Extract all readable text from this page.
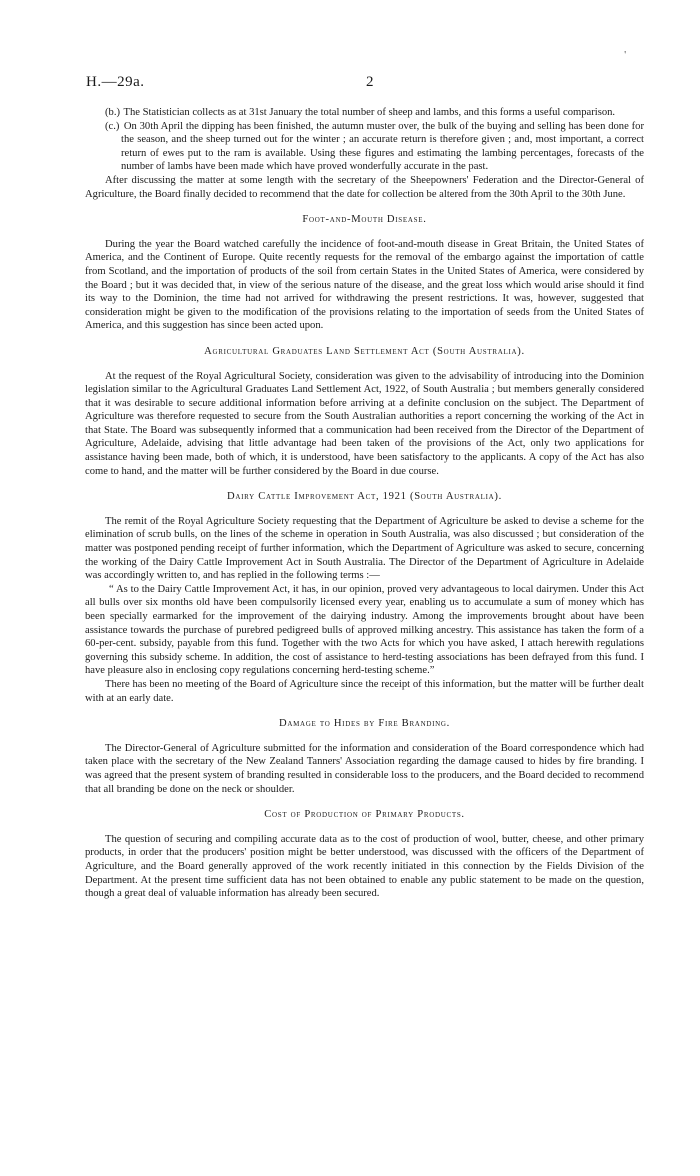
'
H.—29a.	2

(b.) The Statistician collects as at 31st January the total number of sheep and lambs, and this forms a useful comparison.

(c.) On 30th April the dipping has been finished, the autumn muster over, the bulk of the buying and selling has been done for the season, and the sheep turned out for the winter ; an accurate return is therefore given ; and, most important, a correct return of ewes put to the ram is available. Using these figures and estimating the lambing percentages, forecasts of the number of lambs have been made which have proved wonderfully accurate in the past.

After discussing the matter at some length with the secretary of the Sheepowners' Federation and the Director-General of Agriculture, the Board finally decided to recommend that the date for collection be altered from the 30th April to the 30th June.

Foot-and-Mouth Disease.

During the year the Board watched carefully the incidence of foot-and-mouth disease in Great Britain, the United States of America, and the Continent of Europe. Quite recently requests for the removal of the embargo against the importation of cattle from Scotland, and the importation of products of the soil from certain States in the United States of America, were considered by the Board ; but it was decided that, in view of the serious nature of the disease, and the great loss which would arise should it find its way to the Dominion, the time had not arrived for withdrawing the present restrictions. It was, however, suggested that consideration might be given to the modification of the provisions relating to the importation of seeds from the United States of America, and this suggestion has since been acted upon.

Agricultural Graduates Land Settlement Act (South Australia).

At the request of the Royal Agricultural Society, consideration was given to the advisability of introducing into the Dominion legislation similar to the Agricultural Graduates Land Settlement Act, 1922, of South Australia ; but members generally considered that it was desirable to secure additional information before arriving at a definite conclusion on the subject. The Department of Agriculture was therefore requested to secure from the South Australian authorities a report concerning the working of the Act in that State. The Board was subsequently informed that a communication had been received from the Director of the Department of Agriculture, Adelaide, advising that little advantage had been taken of the provisions of the Act, only two applications for assistance having been made, both of which, it is understood, have been satisfactory to the applicants. A copy of the Act has also come to hand, and the matter will be further considered by the Board in due course.

Dairy Cattle Improvement Act, 1921 (South Australia).

The remit of the Royal Agriculture Society requesting that the Department of Agriculture be asked to devise a scheme for the elimination of scrub bulls, on the lines of the scheme in operation in South Australia, was also discussed ; but consideration of the matter was postponed pending receipt of further information, which the Department of Agriculture was asked to secure, concerning the working of the Dairy Cattle Improvement Act in South Australia. The Director of the Department of Agriculture in Adelaide was accordingly written to, and has replied in the following terms :—

“ As to the Dairy Cattle Improvement Act, it has, in our opinion, proved very advantageous to local dairymen. Under this Act all bulls over six months old have been compulsorily licensed every year, enabling us to accumulate a sum of money which has been specially earmarked for the improvement of the dairying industry. Among the improvements brought about have been assistance towards the purchase of purebred pedigreed bulls of approved milking ancestry. This assistance has taken the form of a 60-per-cent. subsidy, payable from this fund. Together with the two Acts for which you have asked, I attach herewith regulations governing this subsidy scheme. In addition, the cost of assistance to herd-testing associations has been defrayed from this fund. I have pleasure also in enclosing copy regulations concerning herd-testing scheme.”

There has been no meeting of the Board of Agriculture since the receipt of this information, but the matter will be further dealt with at an early date.

Damage to Hides by Fire Branding.

The Director-General of Agriculture submitted for the information and consideration of the Board correspondence which had taken place with the secretary of the New Zealand Tanners' Association regarding the damage caused to hides by fire branding. I was agreed that the present system of branding resulted in considerable loss to the producers, and the Board decided to recommend that all branding be done on the neck or shoulder.

Cost of Production of Primary Products.

The question of securing and compiling accurate data as to the cost of production of wool, butter, cheese, and other primary products, in order that the producers' position might be better understood, was discussed with the officers of the Department of Agriculture, and the Board generally approved of the work recently initiated in this connection by the Fields Division of the Department. At the present time sufficient data has not been obtained to enable any public statement to be made on the question, though a great deal of valuable information has already been secured.
